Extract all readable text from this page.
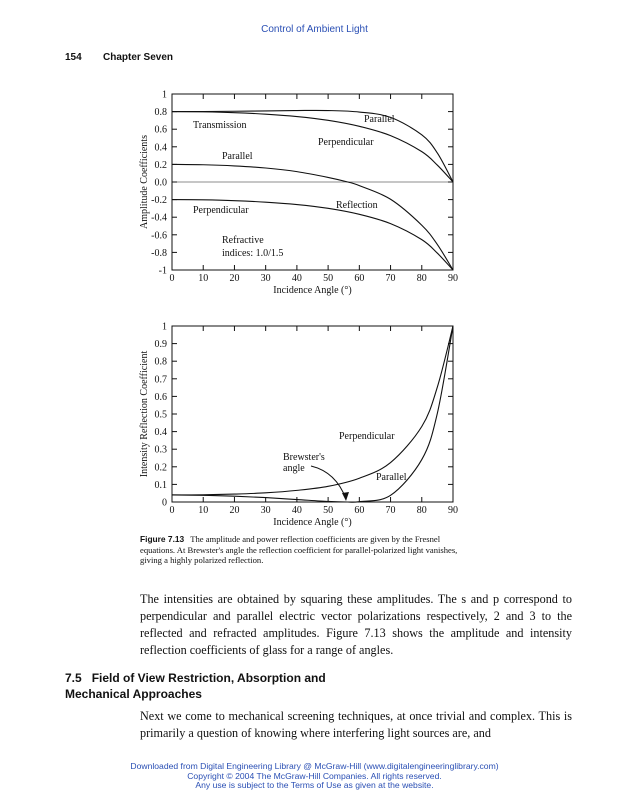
Control of Ambient Light
154 Chapter Seven
1
0.8
0.6
0.4
0.2
0.0
-0.2
-0.4
-0.6
-0.8
-1
0 10 20 30 40 50 60 70 80 90
Transmission
Parallel
Perpendicular
Parallel
Reflection
Perpendicular
Refractive
indices: 1.0/1.5
Incidence Angle (°)
Amplitude Coefficients
1
0.9
0.8
0.7
0.6
0.5
0.4
0.3
0.2
0.1
0
0 10 20 30 40 50 60 70 80 90
Perpendicular
Brewster's
angle
Parallel
Incidence Angle (°)
Intensity Reflection Coefficient
Figure 7.13 The amplitude and power reflection coefficients are given by the Fresnel equations. At Brewster's angle the reflection coefficient for parallel-polarized light vanishes, giving a highly polarized reflection.
The intensities are obtained by squaring these amplitudes. The s and p correspond to perpendicular and parallel electric vector polarizations respectively, 2 and 3 to the reflected and refracted amplitudes. Figure 7.13 shows the amplitude and intensity reflection coefficients of glass for a range of angles.
7.5 Field of View Restriction, Absorption and
Mechanical Approaches
Next we come to mechanical screening techniques, at once trivial and complex. This is primarily a question of knowing where interfering light sources are, and
Downloaded from Digital Engineering Library @ McGraw-Hill (www.digitalengineeringlibrary.com)
Copyright © 2004 The McGraw-Hill Companies. All rights reserved.
Any use is subject to the Terms of Use as given at the website.
